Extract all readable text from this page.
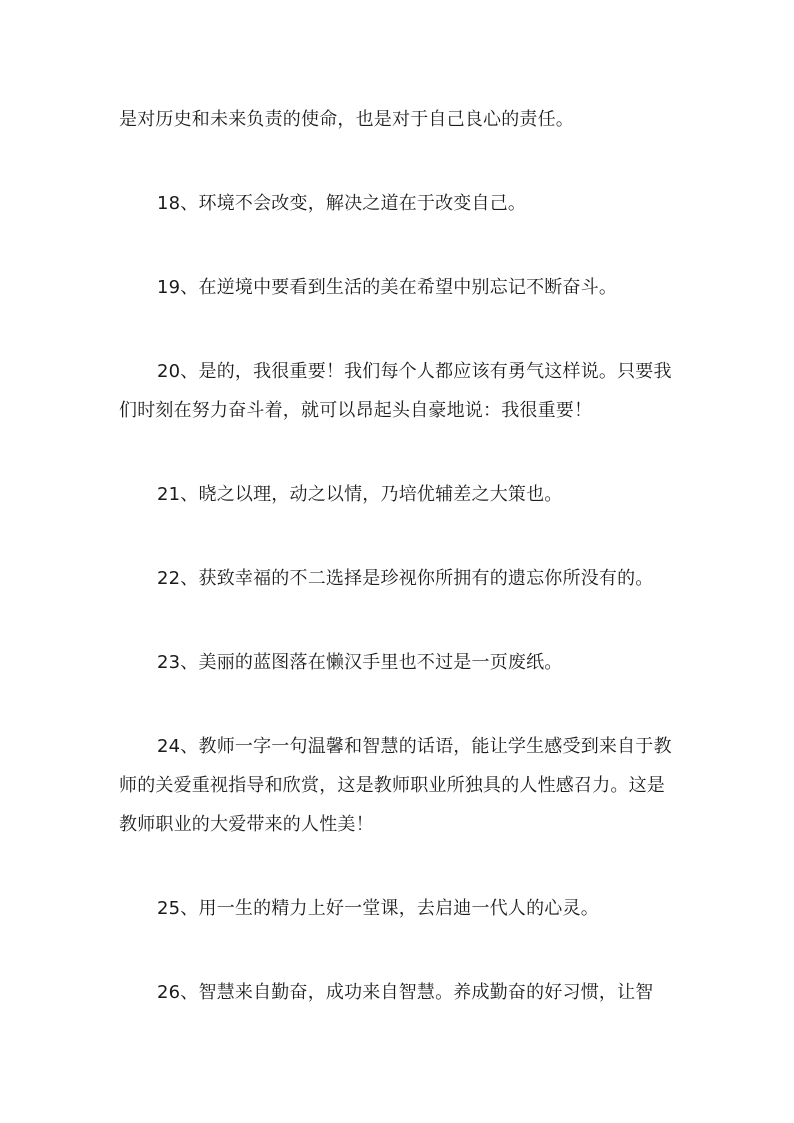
是对历史和未来负责的使命，也是对于自己良心的责任。

18、环境不会改变，解决之道在于改变自己。

19、在逆境中要看到生活的美在希望中别忘记不断奋斗。

20、是的，我很重要！我们每个人都应该有勇气这样说。只要我们时刻在努力奋斗着，就可以昂起头自豪地说：我很重要！

21、晓之以理，动之以情，乃培优辅差之大策也。

22、获致幸福的不二选择是珍视你所拥有的遗忘你所没有的。

23、美丽的蓝图落在懒汉手里也不过是一页废纸。

24、教师一字一句温馨和智慧的话语，能让学生感受到来自于教师的关爱重视指导和欣赏，这是教师职业所独具的人性感召力。这是教师职业的大爱带来的人性美！

25、用一生的精力上好一堂课，去启迪一代人的心灵。

26、智慧来自勤奋，成功来自智慧。养成勤奋的好习惯，让智
